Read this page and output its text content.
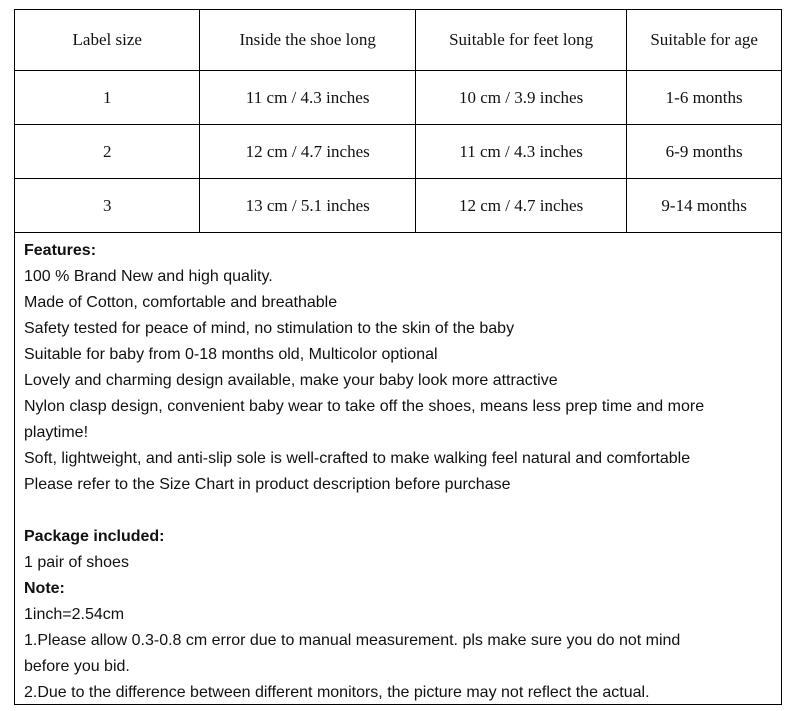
Label size	Inside the shoe long	Suitable for feet long	Suitable for age
1	11 cm / 4.3 inches	10 cm / 3.9 inches	1-6 months
2	12 cm / 4.7 inches	11 cm / 4.3 inches	6-9 months
3	13 cm / 5.1 inches	12 cm / 4.7 inches	9-14 months

Features:

100 % Brand New and high quality.

Made of Cotton, comfortable and breathable

Safety tested for peace of mind, no stimulation to the skin of the baby

Suitable for baby from 0-18 months old, Multicolor optional

Lovely and charming design available, make your baby look more attractive

Nylon clasp design, convenient baby wear to take off the shoes, means less prep time and more

playtime!

Soft, lightweight, and anti-slip sole is well-crafted to make walking feel natural and comfortable

Please refer to the Size Chart in product description before purchase

Package included:

1 pair of shoes

Note:

1inch=2.54cm

1.Please allow 0.3-0.8 cm error due to manual measurement. pls make sure you do not mind

before you bid.

2.Due to the difference between different monitors, the picture may not reflect the actual.
